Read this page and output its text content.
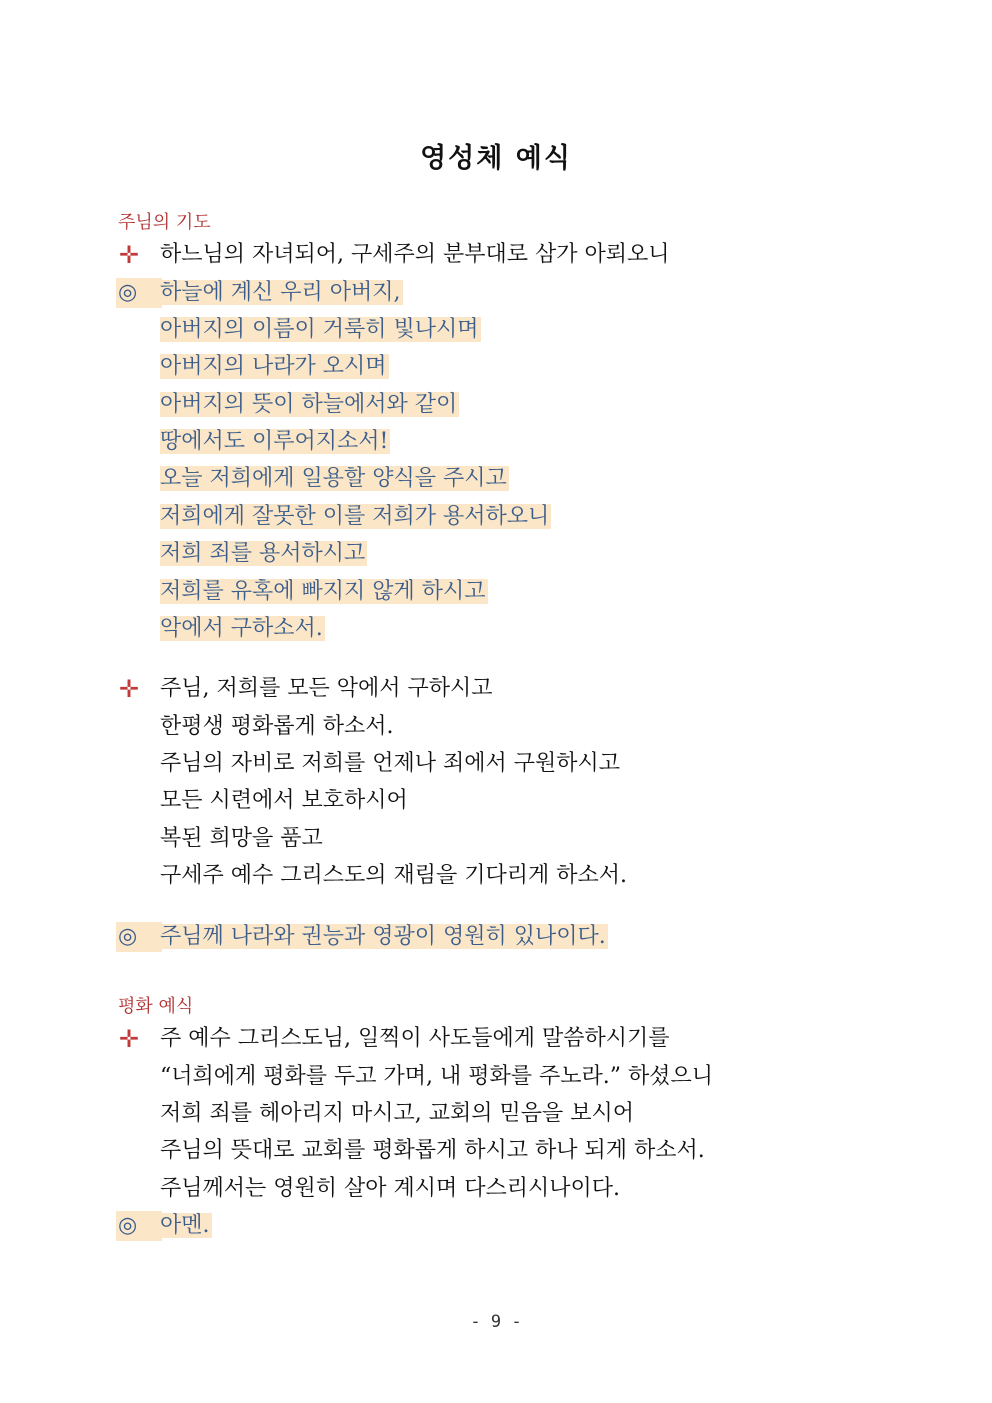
영성체 예식
주님의 기도
✛ 하느님의 자녀되어, 구세주의 분부대로 삼가 아뢰오니
◎	하늘에 계신 우리 아버지,
아버지의 이름이 거룩히 빛나시며
아버지의 나라가 오시며
아버지의 뜻이 하늘에서와 같이
땅에서도 이루어지소서!
오늘 저희에게 일용할 양식을 주시고
저희에게 잘못한 이를 저희가 용서하오니
저희 죄를 용서하시고
저희를 유혹에 빠지지 않게 하시고
악에서 구하소서.
✛ 주님, 저희를 모든 악에서 구하시고
한평생 평화롭게 하소서.
주님의 자비로 저희를 언제나 죄에서 구원하시고
모든 시련에서 보호하시어
복된 희망을 품고
구세주 예수 그리스도의 재림을 기다리게 하소서.
◎	주님께 나라와 권능과 영광이 영원히 있나이다.
평화 예식
✛ 주 예수 그리스도님, 일찍이 사도들에게 말씀하시기를
“너희에게 평화를 두고 가며, 내 평화를 주노라.” 하셨으니
저희 죄를 헤아리지 마시고, 교회의 믿음을 보시어
주님의 뜻대로 교회를 평화롭게 하시고 하나 되게 하소서.
주님께서는 영원히 살아 계시며 다스리시나이다.
◎	아멘.
- 9 -
